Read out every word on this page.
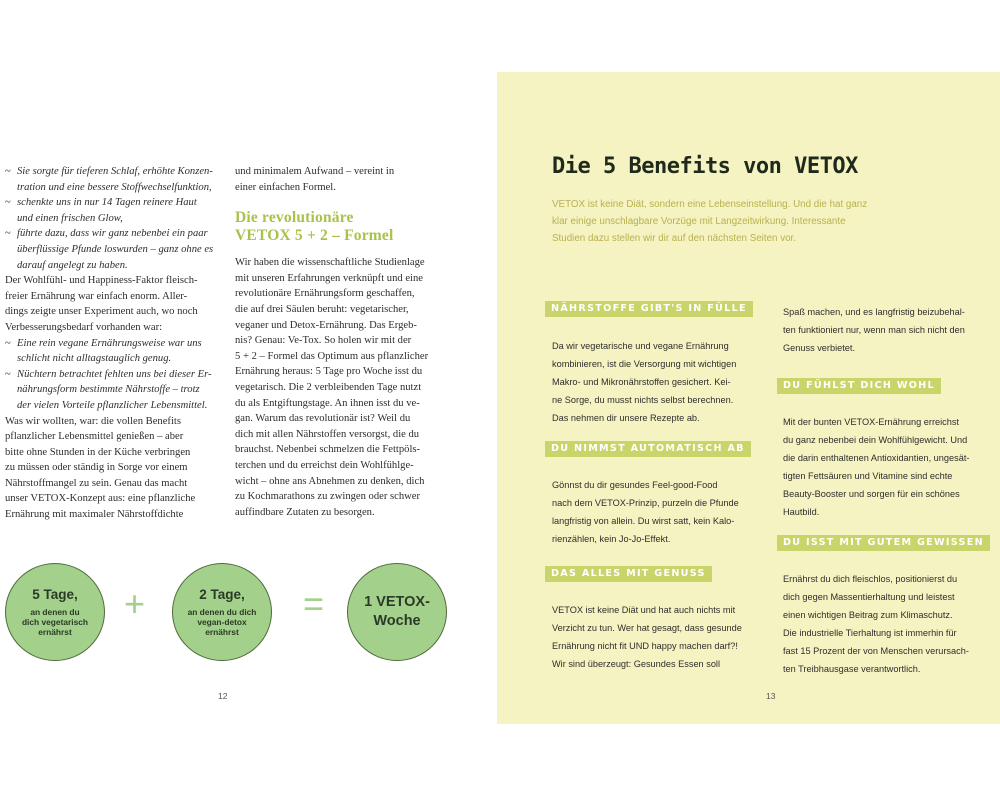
~ Sie sorgte für tieferen Schlaf, erhöhte Konzen-
tration und eine bessere Stoffwechselfunktion,
~ schenkte uns in nur 14 Tagen reinere Haut
und einen frischen Glow,
~ führte dazu, dass wir ganz nebenbei ein paar
überflüssige Pfunde loswurden – ganz ohne es
darauf angelegt zu haben.

Der Wohlfühl- und Happiness-Faktor fleisch-
freier Ernährung war einfach enorm. Aller-
dings zeigte unser Experiment auch, wo noch
Verbesserungsbedarf vorhanden war:

~ Eine rein vegane Ernährungsweise war uns
schlicht nicht alltagstauglich genug.
~ Nüchtern betrachtet fehlten uns bei dieser Er-
nährungsform bestimmte Nährstoffe – trotz
der vielen Vorteile pflanzlicher Lebensmittel.

Was wir wollten, war: die vollen Benefits
pflanzlicher Lebensmittel genießen – aber
bitte ohne Stunden in der Küche verbringen
zu müssen oder ständig in Sorge vor einem
Nährstoffmangel zu sein. Genau das macht
unser VETOX-Konzept aus: eine pflanzliche
Ernährung mit maximaler Nährstoffdichte

und minimalem Aufwand – vereint in
einer einfachen Formel.

Die revolutionäre
VETOX 5 + 2 – Formel

Wir haben die wissenschaftliche Studienlage
mit unseren Erfahrungen verknüpft und eine
revolutionäre Ernährungsform geschaffen,
die auf drei Säulen beruht: vegetarischer,
veganer und Detox-Ernährung. Das Ergeb-
nis? Genau: Ve-Tox. So holen wir mit der
5 + 2 – Formel das Optimum aus pflanzlicher
Ernährung heraus: 5 Tage pro Woche isst du
vegetarisch. Die 2 verbleibenden Tage nutzt
du als Entgiftungstage. An ihnen isst du ve-
gan. Warum das revolutionär ist? Weil du
dich mit allen Nährstoffen versorgst, die du
brauchst. Nebenbei schmelzen die Fettpöls-
terchen und du erreichst dein Wohlfühlge-
wicht – ohne ans Abnehmen zu denken, dich
zu Kochmarathons zu zwingen oder schwer
auffindbare Zutaten zu besorgen.

5 Tage,
an denen du
dich vegetarisch
ernährst
+	2 Tage,
an denen du dich
vegan-detox
ernährst
=	1 VETOX-
Woche
12
Die 5 Benefits von VETOX
VETOX ist keine Diät, sondern eine Lebenseinstellung. Und die hat ganz
klar einige unschlagbare Vorzüge mit Langzeitwirkung. Interessante
Studien dazu stellen wir dir auf den nächsten Seiten vor.
NÄHRSTOFFE GIBT'S IN FÜLLE
Da wir vegetarische und vegane Ernährung
kombinieren, ist die Versorgung mit wichtigen
Makro- und Mikronährstoffen gesichert. Kei-
ne Sorge, du musst nichts selbst berechnen.
Das nehmen dir unsere Rezepte ab.
DU NIMMST AUTOMATISCH AB
Gönnst du dir gesundes Feel-good-Food
nach dem VETOX-Prinzip, purzeln die Pfunde
langfristig von allein. Du wirst satt, kein Kalo-
rienzählen, kein Jo-Jo-Effekt.
DAS ALLES MIT GENUSS
VETOX ist keine Diät und hat auch nichts mit
Verzicht zu tun. Wer hat gesagt, dass gesunde
Ernährung nicht fit UND happy machen darf?!
Wir sind überzeugt: Gesundes Essen soll
Spaß machen, und es langfristig beizubehal-
ten funktioniert nur, wenn man sich nicht den
Genuss verbietet.
DU FÜHLST DICH WOHL
Mit der bunten VETOX-Ernährung erreichst
du ganz nebenbei dein Wohlfühlgewicht. Und
die darin enthaltenen Antioxidantien, ungesät-
tigten Fettsäuren und Vitamine sind echte
Beauty-Booster und sorgen für ein schönes
Hautbild.
DU ISST MIT GUTEM GEWISSEN
Ernährst du dich fleischlos, positionierst du
dich gegen Massentierhaltung und leistest
einen wichtigen Beitrag zum Klimaschutz.
Die industrielle Tierhaltung ist immerhin für
fast 15 Prozent der von Menschen verursach-
ten Treibhausgase verantwortlich.
13
